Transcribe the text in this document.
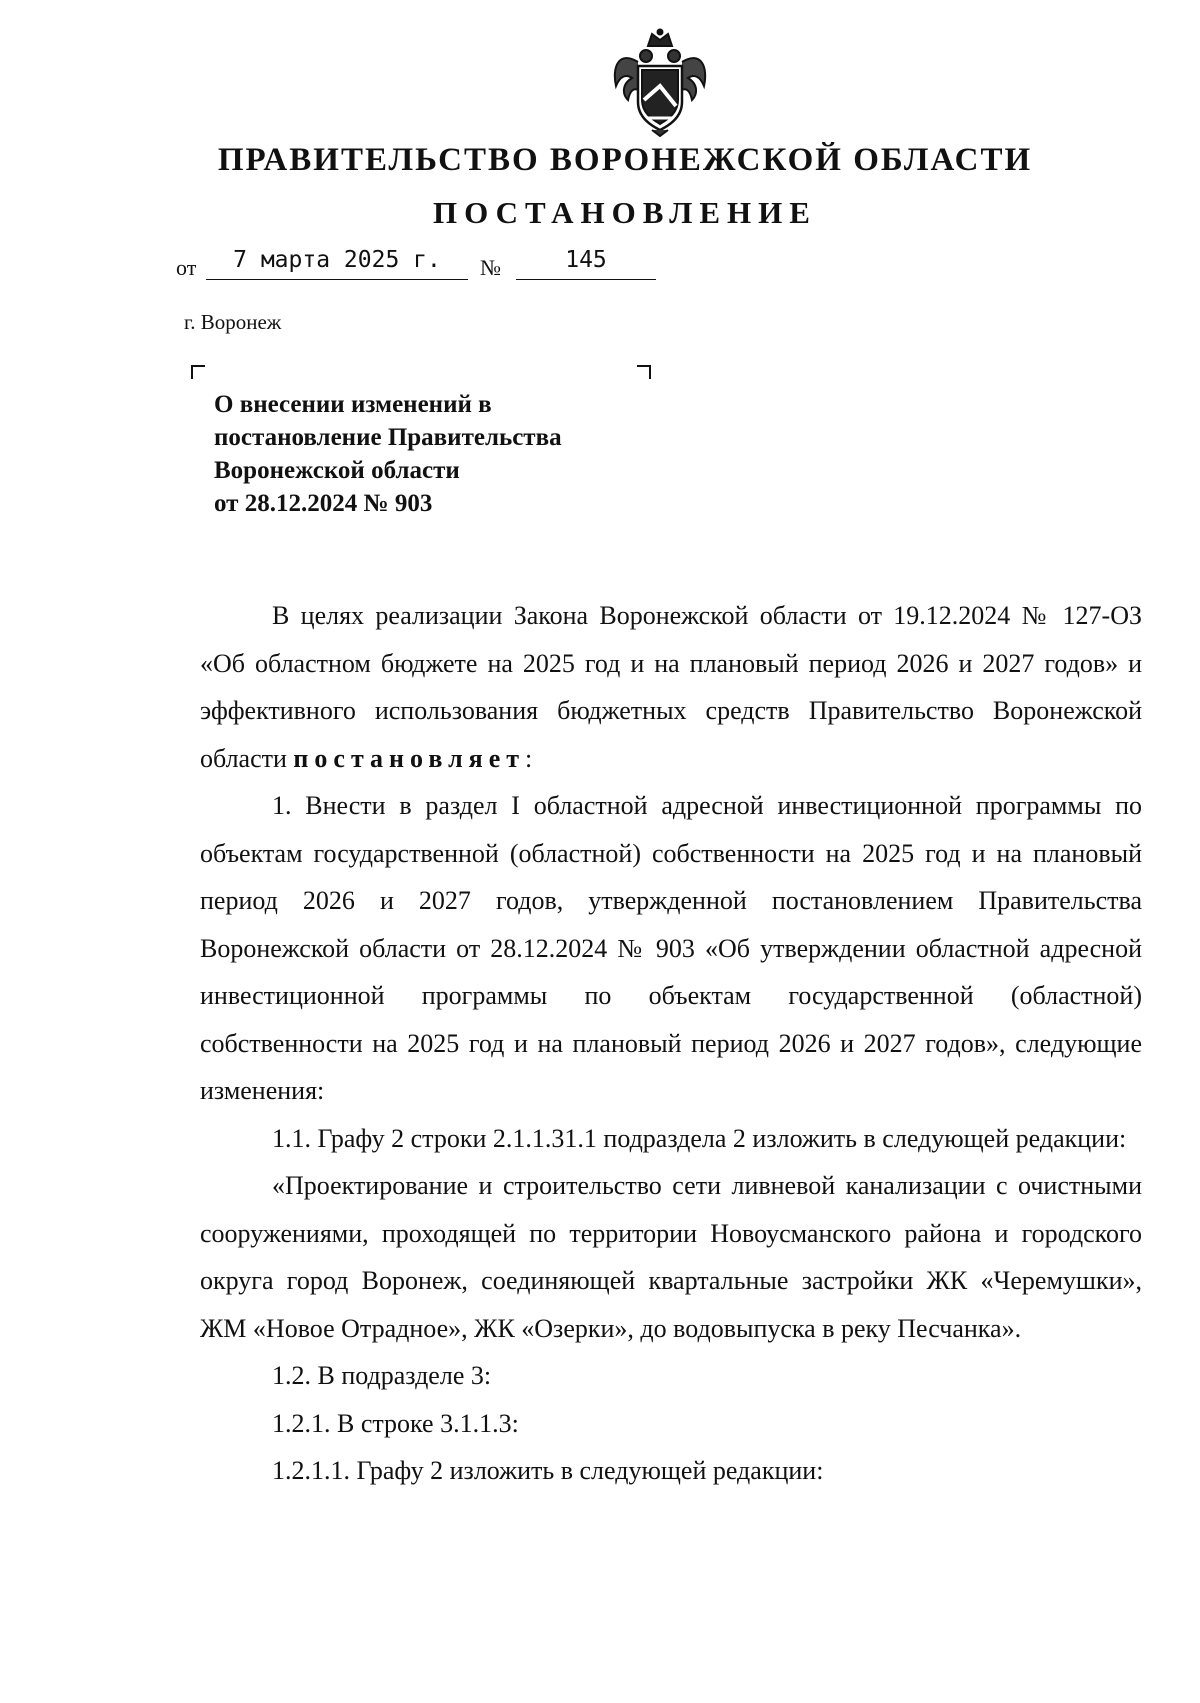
ПРАВИТЕЛЬСТВО ВОРОНЕЖСКОЙ ОБЛАСТИ
ПОСТАНОВЛЕНИЕ
от	7 марта 2025 г.	№	145
г. Воронеж
О внесении изменений в
постановление Правительства
Воронежской области
от 28.12.2024 № 903

В целях реализации Закона Воронежской области от 19.12.2024 № 127-ОЗ «Об областном бюджете на 2025 год и на плановый период 2026 и 2027 годов» и эффективного использования бюджетных средств Правительство Воронежской области постановляет:

1. Внести в раздел I областной адресной инвестиционной программы по объектам государственной (областной) собственности на 2025 год и на плановый период 2026 и 2027 годов, утвержденной постановлением Правительства Воронежской области от 28.12.2024 № 903 «Об утверждении областной адресной инвестиционной программы по объектам государственной (областной) собственности на 2025 год и на плановый период 2026 и 2027 годов», следующие изменения:

1.1. Графу 2 строки 2.1.1.31.1 подраздела 2 изложить в следующей редакции:

«Проектирование и строительство сети ливневой канализации с очистными сооружениями, проходящей по территории Новоусманского района и городского округа город Воронеж, соединяющей квартальные застройки ЖК «Черемушки», ЖМ «Новое Отрадное», ЖК «Озерки», до водовыпуска в реку Песчанка».

1.2. В подразделе 3:

1.2.1. В строке 3.1.1.3:

1.2.1.1. Графу 2 изложить в следующей редакции:
